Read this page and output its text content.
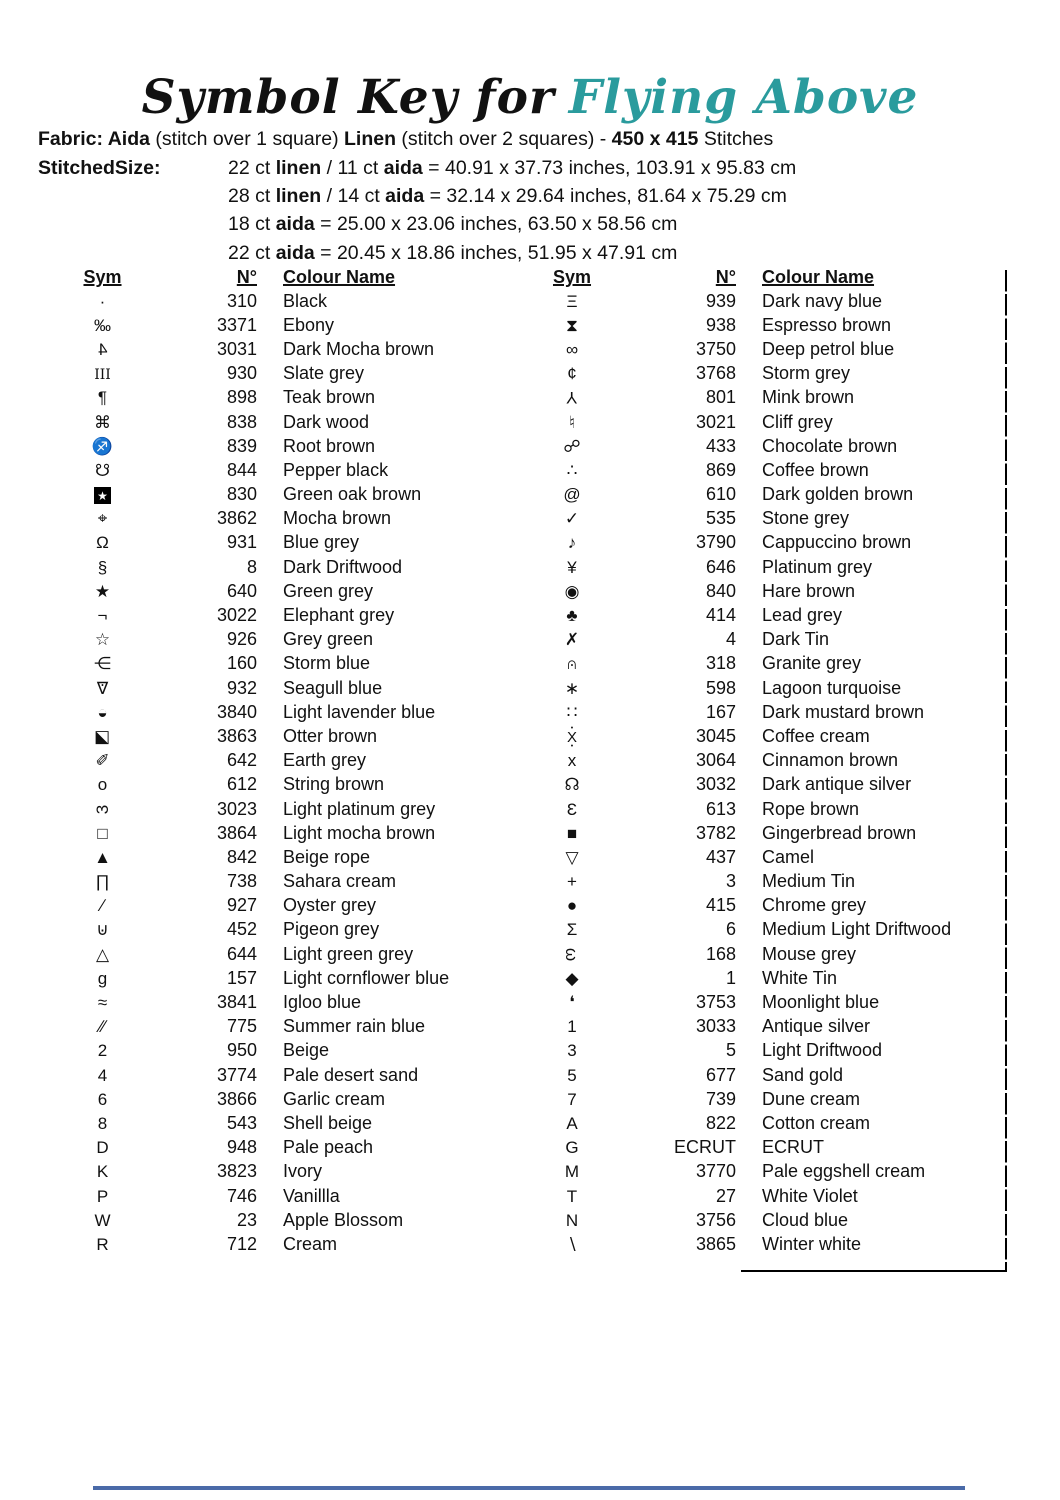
Symbol Key for Flying Above
Fabric: Aida (stitch over 1 square) Linen (stitch over 2 squares) - 450 x 415 Stitches
StitchedSize:	22 ct linen / 11 ct aida = 40.91 x 37.73 inches, 103.91 x 95.83 cm
28 ct linen / 14 ct aida = 32.14 x 29.64 inches, 81.64 x 75.29 cm
18 ct aida = 25.00 x 23.06 inches, 63.50 x 58.56 cm
22 ct aida = 20.45 x 18.86 inches, 51.95 x 47.91 cm
Sym	N°	Colour Name
·	310	Black
‰	3371	Ebony
4	3031	Dark Mocha brown
III	930	Slate grey
¶	898	Teak brown
⌘	838	Dark wood
♐	839	Root brown
☋	844	Pepper black
★	830	Green oak brown
⌖	3862	Mocha brown
Ω	931	Blue grey
§	8	Dark Driftwood
★	640	Green grey
¬	3022	Elephant grey
☆	926	Grey green
⋲	160	Storm blue
∇ •	932	Seagull blue
◒	3840	Light lavender blue
◪	3863	Otter brown
✐	642	Earth grey
o	612	String brown
3	3023	Light platinum grey
□	3864	Light mocha brown
▲	842	Beige rope
∏	738	Sahara cream
∕	927	Oyster grey
⊍	452	Pigeon grey
△	644	Light green grey
g	157	Light cornflower blue
≈	3841	Igloo blue
∕∕	775	Summer rain blue
2	950	Beige
4	3774	Pale desert sand
6	3866	Garlic cream
8	543	Shell beige
D	948	Pale peach
K	3823	Ivory
P	746	Vanillla
W	23	Apple Blossom
R	712	Cream
Sym	N°	Colour Name
Ξ	939	Dark navy blue
⧗	938	Espresso brown
∞	3750	Deep petrol blue
¢	3768	Storm grey
Y	801	Mink brown
♮	3021	Cliff grey
☍	433	Chocolate brown
∴	869	Coffee brown
@	610	Dark golden brown
✓	535	Stone grey
♪	3790	Cappuccino brown
¥	646	Platinum grey
◉	840	Hare brown
♣	414	Lead grey
✗	4	Dark Tin
∩ •	318	Granite grey
∗	598	Lagoon turquoise
∷	167	Dark mustard brown
• X •	3045	Coffee cream
x	3064	Cinnamon brown
☊	3032	Dark antique silver
Ɛ	613	Rope brown
■	3782	Gingerbread brown
▽	437	Camel
+	3	Medium Tin
●	415	Chrome grey
Σ	6	Medium Light Driftwood
ω	168	Mouse grey
◆	1	White Tin
❛	3753	Moonlight blue
1	3033	Antique silver
3	5	Light Driftwood
5	677	Sand gold
7	739	Dune cream
A	822	Cotton cream
G	ECRUT	ECRUT
M	3770	Pale eggshell cream
T	27	White Violet
N	3756	Cloud blue
∖	3865	Winter white
